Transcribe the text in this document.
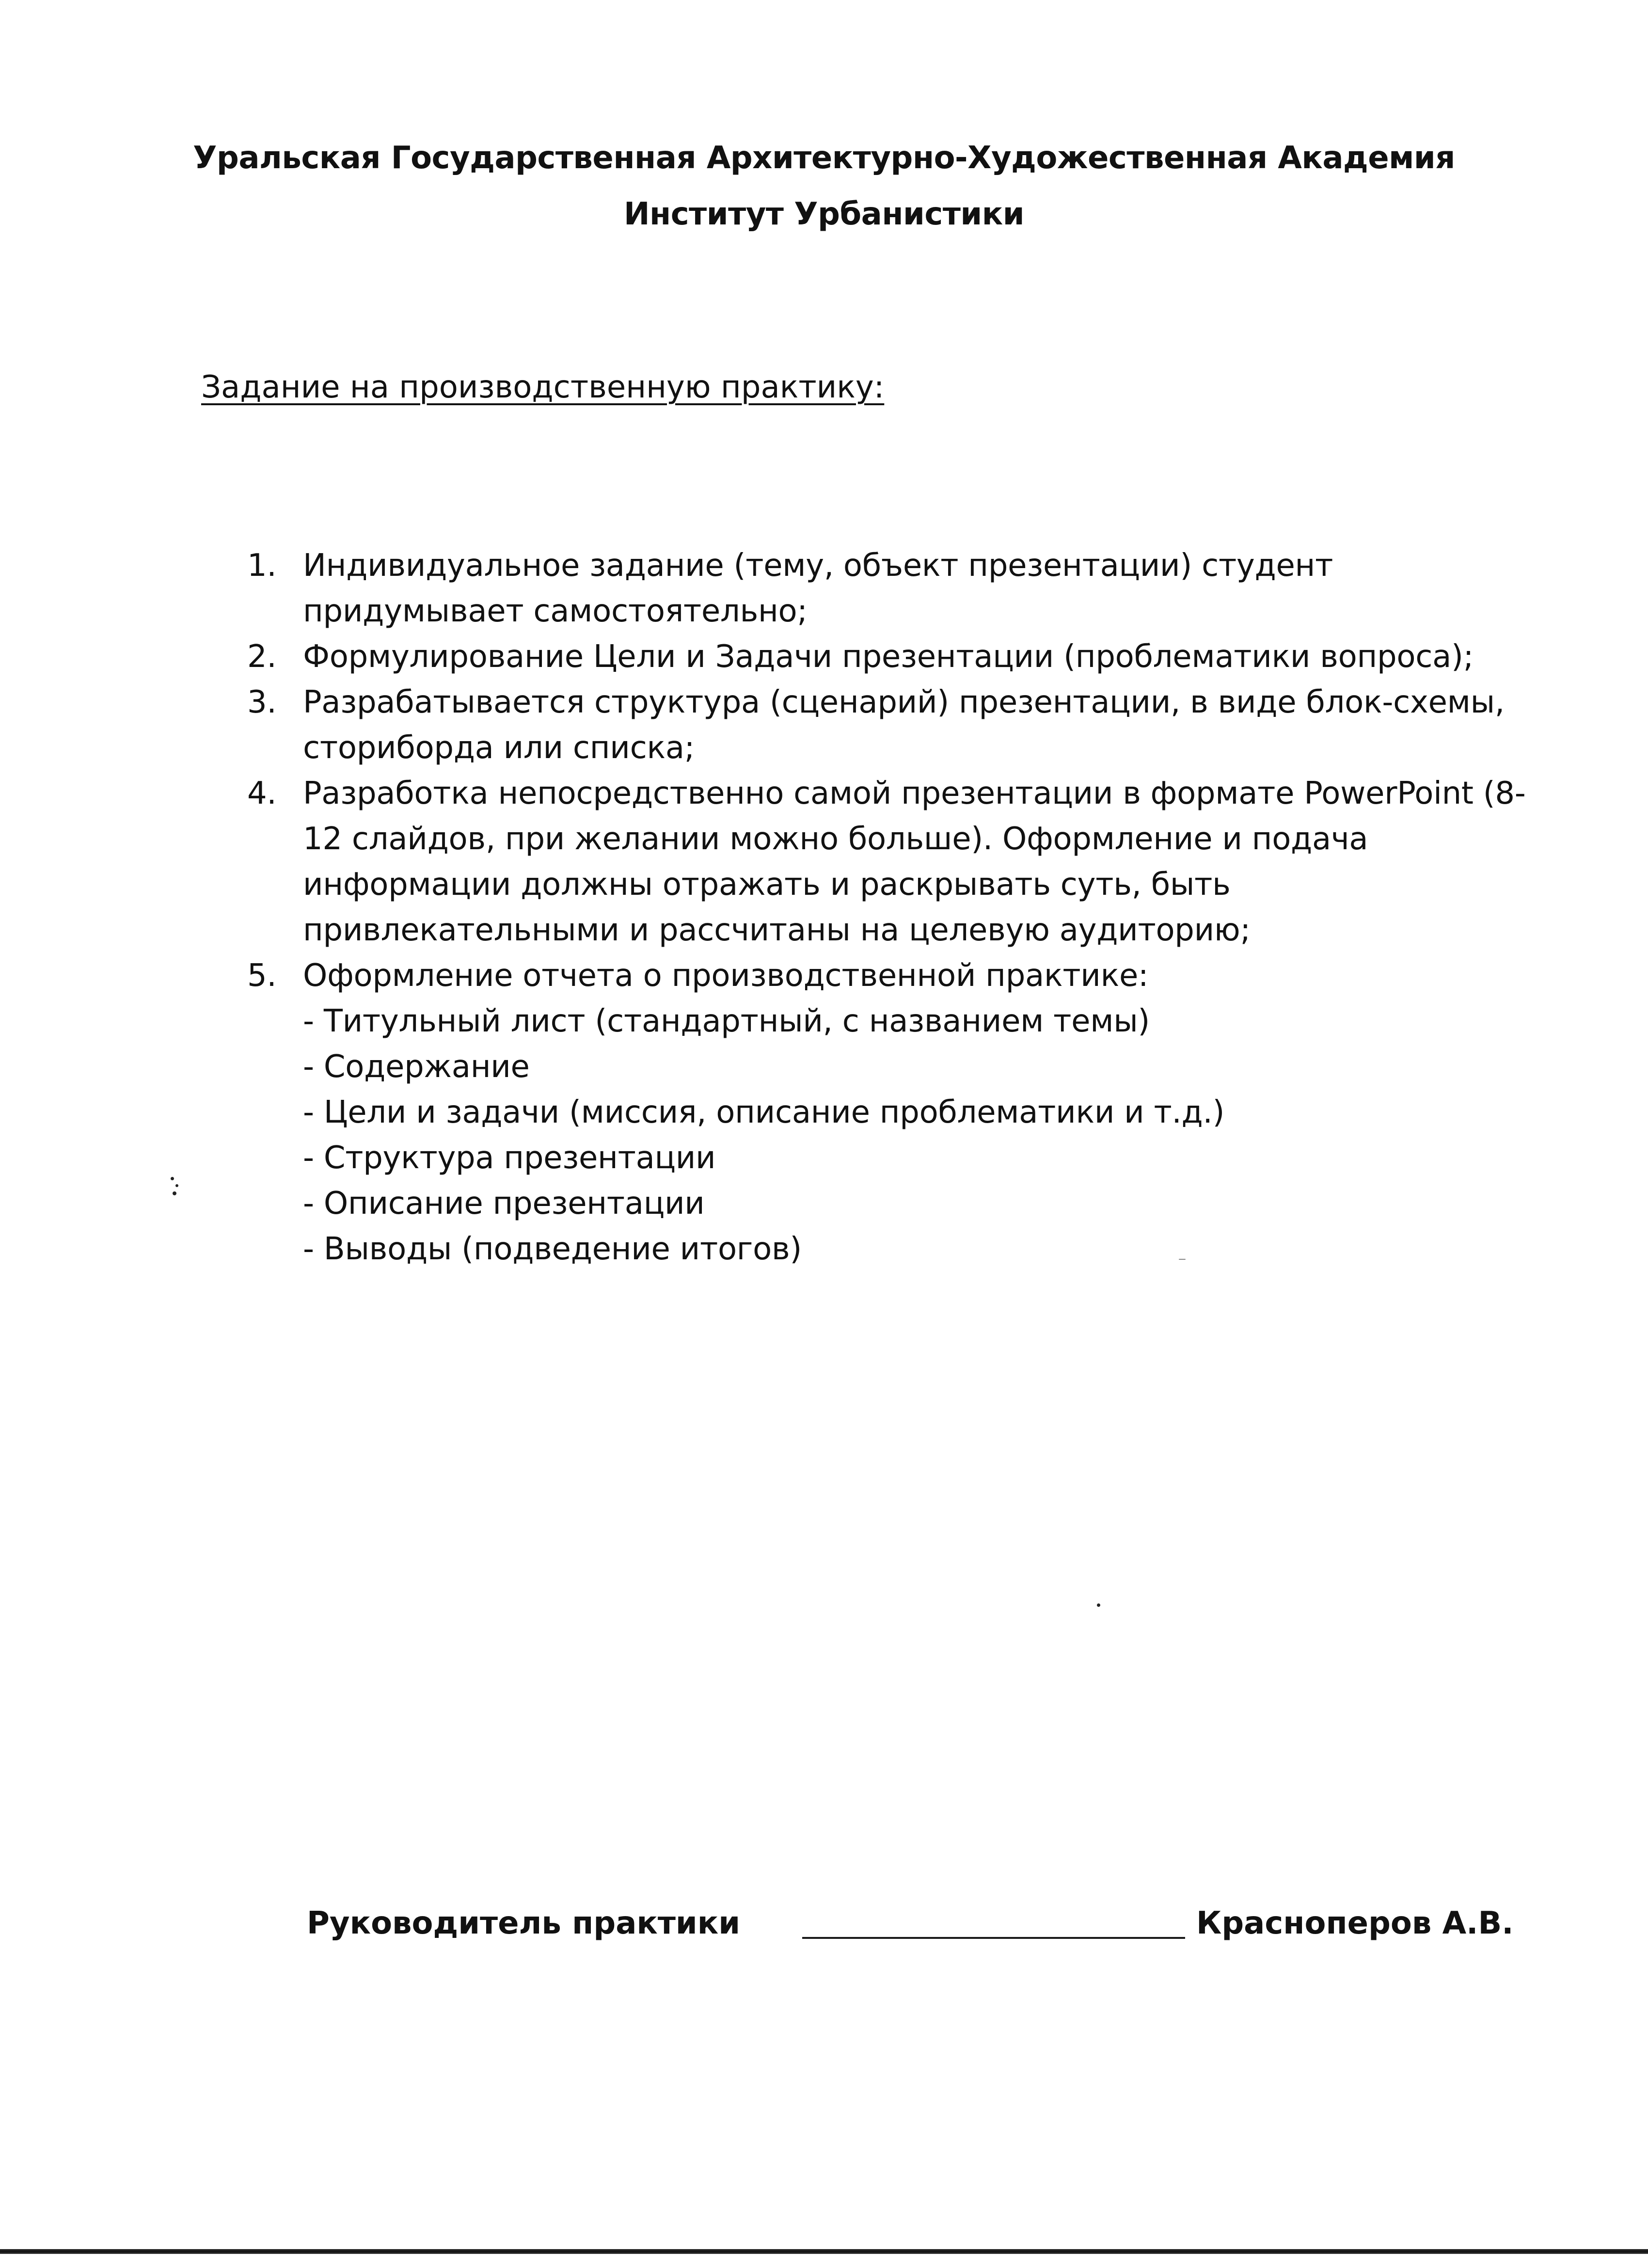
Уральская Государственная Архитектурно-Художественная Академия
Институт Урбанистики
Задание на производственную практику:
1. Индивидуальное задание (тему, объект презентации) студент придумывает самостоятельно;
2. Формулирование Цели и Задачи презентации (проблематики вопроса);
3. Разрабатывается структура (сценарий) презентации, в виде блок-схемы, сториборда или списка;
4. Разработка непосредственно самой презентации в формате PowerPoint (8-12 слайдов, при желании можно больше). Оформление и подача информации должны отражать и раскрывать суть, быть привлекательными и рассчитаны на целевую аудиторию;
5. Оформление отчета о производственной практике:
- Титульный лист (стандартный, с названием темы)
- Содержание
- Цели и задачи (миссия, описание проблематики и т.д.)
- Структура презентации
- Описание презентации
- Выводы (подведение итогов)
Руководитель практики	Красноперов А.В.
